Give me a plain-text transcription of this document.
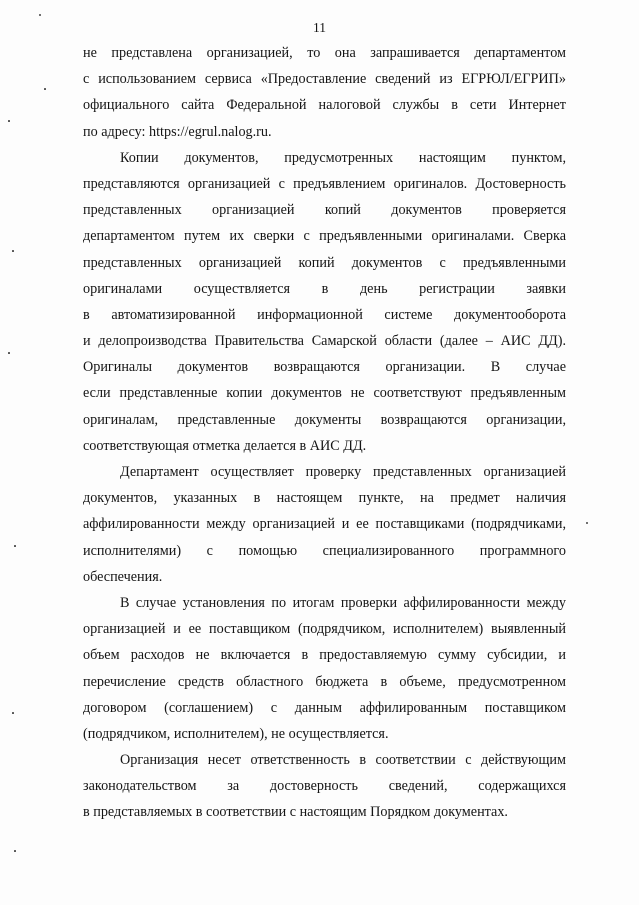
11

не представлена организацией, то она запрашивается департаментом
с использованием сервиса «Предоставление сведений из ЕГРЮЛ/ЕГРИП»
официального сайта Федеральной налоговой службы в сети Интернет
по адресу: https://egrul.nalog.ru.

Копии документов, предусмотренных настоящим пунктом,
представляются организацией с предъявлением оригиналов. Достоверность
представленных организацией копий документов проверяется
департаментом путем их сверки с предъявленными оригиналами. Сверка
представленных организацией копий документов с предъявленными
оригиналами осуществляется в день регистрации заявки
в автоматизированной информационной системе документооборота
и делопроизводства Правительства Самарской области (далее – АИС ДД).
Оригиналы документов возвращаются организации. В случае
если представленные копии документов не соответствуют предъявленным
оригиналам, представленные документы возвращаются организации,
соответствующая отметка делается в АИС ДД.

Департамент осуществляет проверку представленных организацией
документов, указанных в настоящем пункте, на предмет наличия
аффилированности между организацией и ее поставщиками (подрядчиками,
исполнителями) с помощью специализированного программного
обеспечения.

В случае установления по итогам проверки аффилированности между
организацией и ее поставщиком (подрядчиком, исполнителем) выявленный
объем расходов не включается в предоставляемую сумму субсидии, и
перечисление средств областного бюджета в объеме, предусмотренном
договором (соглашением) с данным аффилированным поставщиком
(подрядчиком, исполнителем), не осуществляется.

Организация несет ответственность в соответствии с действующим
законодательством за достоверность сведений, содержащихся
в представляемых в соответствии с настоящим Порядком документах.
